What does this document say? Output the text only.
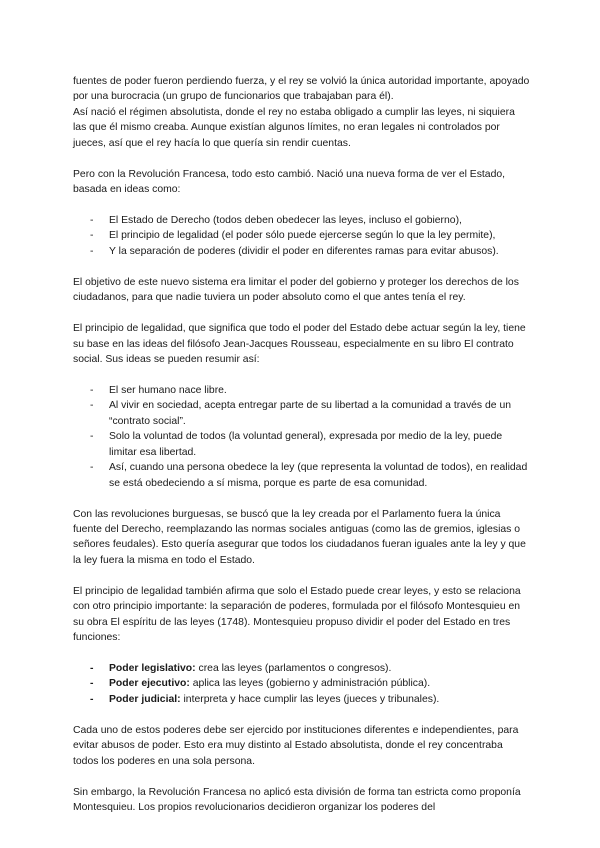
fuentes de poder fueron perdiendo fuerza, y el rey se volvió la única autoridad importante, apoyado por una burocracia (un grupo de funcionarios que trabajaban para él).

Así nació el régimen absolutista, donde el rey no estaba obligado a cumplir las leyes, ni siquiera las que él mismo creaba. Aunque existían algunos límites, no eran legales ni controlados por jueces, así que el rey hacía lo que quería sin rendir cuentas.

Pero con la Revolución Francesa, todo esto cambió. Nació una nueva forma de ver el Estado, basada en ideas como:

- El Estado de Derecho (todos deben obedecer las leyes, incluso el gobierno),
- El principio de legalidad (el poder sólo puede ejercerse según lo que la ley permite),
- Y la separación de poderes (dividir el poder en diferentes ramas para evitar abusos).

El objetivo de este nuevo sistema era limitar el poder del gobierno y proteger los derechos de los ciudadanos, para que nadie tuviera un poder absoluto como el que antes tenía el rey.

El principio de legalidad, que significa que todo el poder del Estado debe actuar según la ley, tiene su base en las ideas del filósofo Jean-Jacques Rousseau, especialmente en su libro El contrato social. Sus ideas se pueden resumir así:

- El ser humano nace libre.
- Al vivir en sociedad, acepta entregar parte de su libertad a la comunidad a través de un “contrato social”.
- Solo la voluntad de todos (la voluntad general), expresada por medio de la ley, puede limitar esa libertad.
- Así, cuando una persona obedece la ley (que representa la voluntad de todos), en realidad se está obedeciendo a sí misma, porque es parte de esa comunidad.

Con las revoluciones burguesas, se buscó que la ley creada por el Parlamento fuera la única fuente del Derecho, reemplazando las normas sociales antiguas (como las de gremios, iglesias o señores feudales). Esto quería asegurar que todos los ciudadanos fueran iguales ante la ley y que la ley fuera la misma en todo el Estado.

El principio de legalidad también afirma que solo el Estado puede crear leyes, y esto se relaciona con otro principio importante: la separación de poderes, formulada por el filósofo Montesquieu en su obra El espíritu de las leyes (1748). Montesquieu propuso dividir el poder del Estado en tres funciones:

- Poder legislativo: crea las leyes (parlamentos o congresos).
- Poder ejecutivo: aplica las leyes (gobierno y administración pública).
- Poder judicial: interpreta y hace cumplir las leyes (jueces y tribunales).

Cada uno de estos poderes debe ser ejercido por instituciones diferentes e independientes, para evitar abusos de poder. Esto era muy distinto al Estado absolutista, donde el rey concentraba todos los poderes en una sola persona.

Sin embargo, la Revolución Francesa no aplicó esta división de forma tan estricta como proponía Montesquieu. Los propios revolucionarios decidieron organizar los poderes del
